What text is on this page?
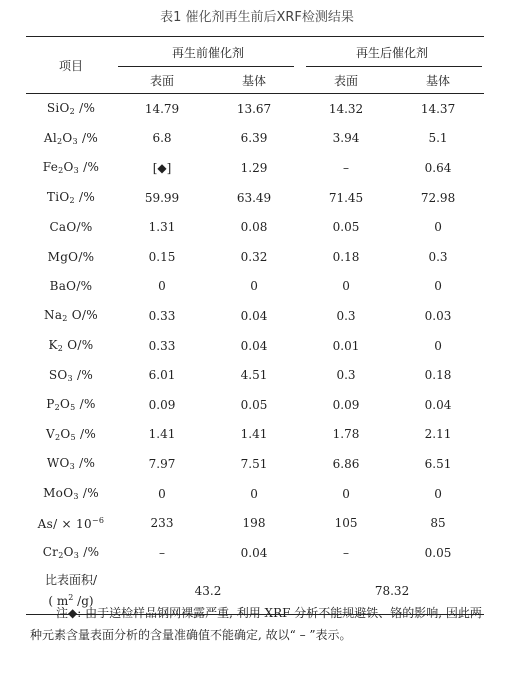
表1 催化剂再生前后XRF检测结果
项目	再生前催化剂		再生后催化剂	
	表面	基体	表面	基体
SiO$_2$ /%	14.79	13.67	14.32	14.37
$Al_2O_3$ /%	6.8	6.39	3.94	5.1
$Fe_2O_3$ /%	[◆]	1.29	–	0.64
TiO$_2$ /%	59.99	63.49	71.45	72.98
CaO/%	1.31	0.08	0.05	0
MgO/%	0.15	0.32	0.18	0.3
BaO/%	0	0	0	0
$Na_2$ O/%	0.33	0.04	0.3	0.03
$K_2$ O/%	0.33	0.04	0.01	0
$SO_3$ /%	6.01	4.51	0.3	0.18
$P_2O_5$ /%	0.09	0.05	0.09	0.04
$V_2O_5$ /%	1.41	1.41	1.78	2.11
$WO_3$ /%	7.97	7.51	6.86	6.51
MoO$_3$ /%	0	0	0	0
$As/ \times 10^{-6}$	233	198	105	85
$Cr_2O_3$ /%	–	0.04	–	0.05
比表面积/
( $m^2$ /g)	43.2		78.32	
注◆: 由于送检样品钢网裸露严重, 利用 XRF 分析不能规避铁、铬的影响, 因此两种元素含量表面分析的含量准确值不能确定, 故以“ – ”表示。
